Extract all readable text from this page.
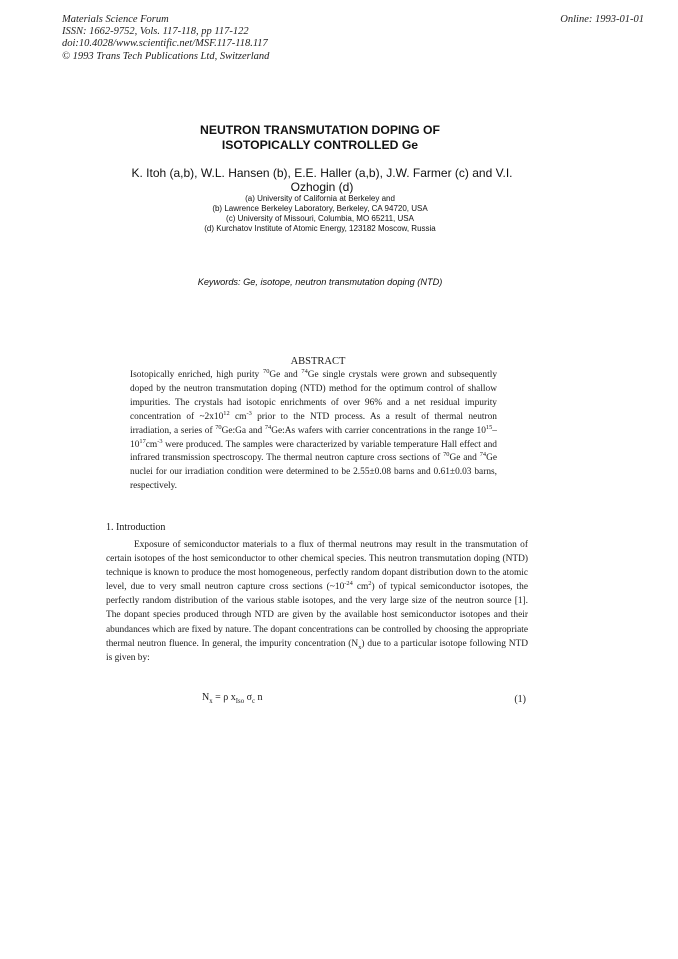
Materials Science Forum
ISSN: 1662-9752, Vols. 117-118, pp 117-122
doi:10.4028/www.scientific.net/MSF.117-118.117
© 1993 Trans Tech Publications Ltd, Switzerland
Online: 1993-01-01
NEUTRON TRANSMUTATION DOPING OF
ISOTOPICALLY CONTROLLED Ge
K. Itoh (a,b), W.L. Hansen (b), E.E. Haller (a,b), J.W. Farmer (c) and V.I. Ozhogin (d)
(a) University of California at Berkeley and
(b) Lawrence Berkeley Laboratory, Berkeley, CA 94720, USA
(c) University of Missouri, Columbia, MO 65211, USA
(d) Kurchatov Institute of Atomic Energy, 123182 Moscow, Russia
Keywords: Ge, isotope, neutron transmutation doping (NTD)
ABSTRACT
Isotopically enriched, high purity $^{70}$Ge and $^{74}$Ge single crystals were grown and subsequently doped by the neutron transmutation doping (NTD) method for the optimum control of shallow impurities. The crystals had isotopic enrichments of over 96% and a net residual impurity concentration of $\sim 2x10^{12}$ $cm^{-3}$ prior to the NTD process. As a result of thermal neutron irradiation, a series of $^{70}$Ge:Ga and $^{74}$Ge:As wafers with carrier concentrations in the range $10^{15}-10^{17}cm^{-3}$ were produced. The samples were characterized by variable temperature Hall effect and infrared transmission spectroscopy. The thermal neutron capture cross sections of $^{70}$Ge and $^{74}$Ge nuclei for our irradiation condition were determined to be 2.55±0.08 barns and 0.61±0.03 barns, respectively.
1. Introduction
Exposure of semiconductor materials to a flux of thermal neutrons may result in the transmutation of certain isotopes of the host semiconductor to other chemical species. This neutron transmutation doping (NTD) technique is known to produce the most homogeneous, perfectly random dopant distribution down to the atomic level, due to very small neutron capture cross sections ($\sim 10^{-24}$ $cm^2$) of typical semiconductor isotopes, the perfectly random distribution of the various stable isotopes, and the very large size of the neutron source [1]. The dopant species produced through NTD are given by the available host semiconductor isotopes and their abundances which are fixed by nature. The dopant concentrations can be controlled by choosing the appropriate thermal neutron fluence. In general, the impurity concentration $(N_x)$ due to a particular isotope following NTD is given by:
$N_x = \rho$ $x_{Iso}$ $\sigma_c$ n	(1)
